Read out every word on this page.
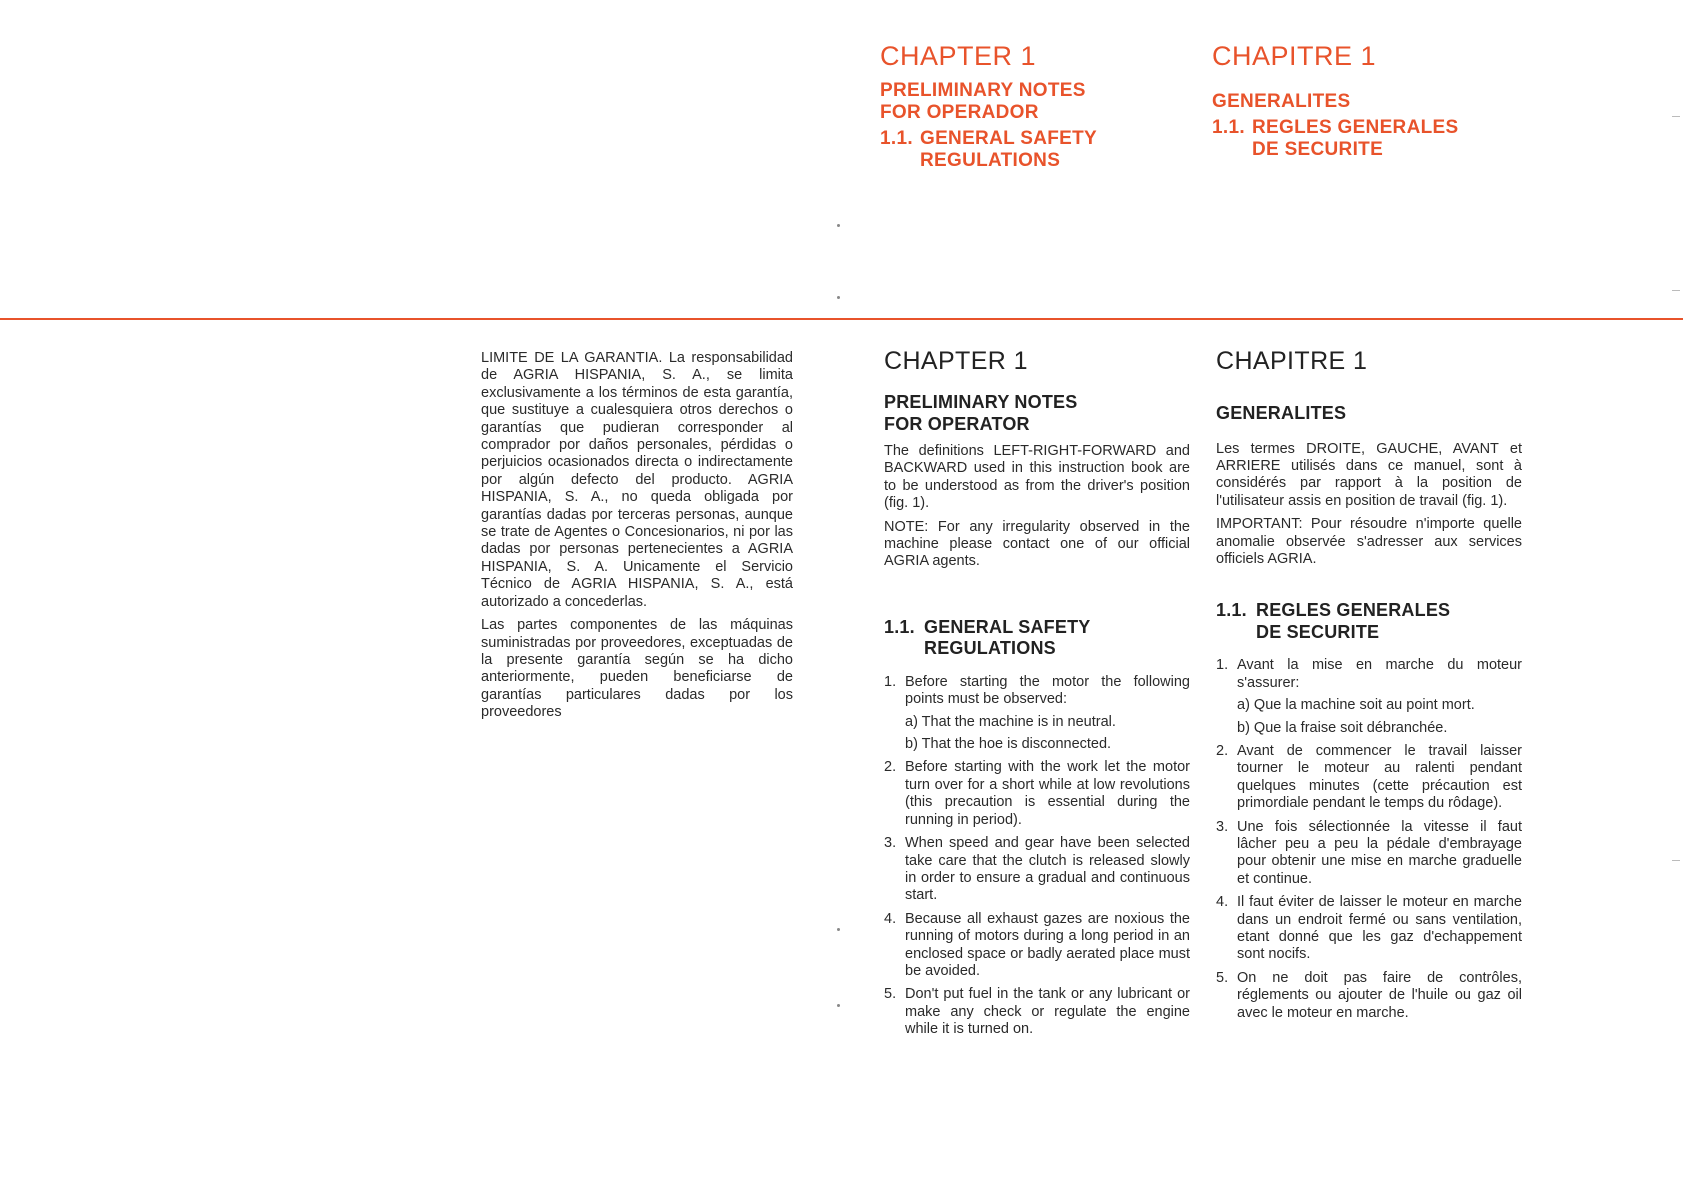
CHAPTER 1
PRELIMINARY NOTES
FOR OPERADOR
1.1. GENERAL SAFETY
REGULATIONS
CHAPITRE 1
GENERALITES
1.1. REGLES GENERALES
DE SECURITE

LIMITE DE LA GARANTIA. La responsabilidad de AGRIA HISPANIA, S. A., se limita exclusivamente a los términos de esta garantía, que sustituye a cualesquiera otros derechos o garantías que pudieran corresponder al comprador por daños personales, pérdidas o perjuicios ocasionados directa o indirectamente por algún defecto del producto. AGRIA HISPANIA, S. A., no queda obligada por garantías dadas por terceras personas, aunque se trate de Agentes o Concesionarios, ni por las dadas por personas pertenecientes a AGRIA HISPANIA, S. A. Unicamente el Servicio Técnico de AGRIA HISPANIA, S. A., está autorizado a concederlas.

Las partes componentes de las máquinas suministradas por proveedores, exceptuadas de la presente garantía según se ha dicho anteriormente, pueden beneficiarse de garantías particulares dadas por los proveedores

CHAPTER 1
PRELIMINARY NOTES
FOR OPERATOR

The definitions LEFT-RIGHT-FORWARD and BACKWARD used in this instruction book are to be understood as from the driver's position (fig. 1).

NOTE: For any irregularity observed in the machine please contact one of our official AGRIA agents.

1.1. GENERAL SAFETY
REGULATIONS
1. Before starting the motor the following points must be observed:
a) That the machine is in neutral.
b) That the hoe is disconnected.
2. Before starting with the work let the motor turn over for a short while at low revolutions (this precaution is essential during the running in period).
3. When speed and gear have been selected take care that the clutch is released slowly in order to ensure a gradual and continuous start.
4. Because all exhaust gazes are noxious the running of motors during a long period in an enclosed space or badly aerated place must be avoided.
5. Don't put fuel in the tank or any lubricant or make any check or regulate the engine while it is turned on.
CHAPITRE 1
GENERALITES

Les termes DROITE, GAUCHE, AVANT et ARRIERE utilisés dans ce manuel, sont à considérés par rapport à la position de l'utilisateur assis en position de travail (fig. 1).

IMPORTANT: Pour résoudre n'importe quelle anomalie observée s'adresser aux services officiels AGRIA.

1.1. REGLES GENERALES
DE SECURITE
1. Avant la mise en marche du moteur s'assurer:
a) Que la machine soit au point mort.
b) Que la fraise soit débranchée.
2. Avant de commencer le travail laisser tourner le moteur au ralenti pendant quelques minutes (cette précaution est primordiale pendant le temps du rôdage).
3. Une fois sélectionnée la vitesse il faut lâcher peu a peu la pédale d'embrayage pour obtenir une mise en marche graduelle et continue.
4. Il faut éviter de laisser le moteur en marche dans un endroit fermé ou sans ventilation, etant donné que les gaz d'echappement sont nocifs.
5. On ne doit pas faire de contrôles, réglements ou ajouter de l'huile ou gaz oil avec le moteur en marche.
